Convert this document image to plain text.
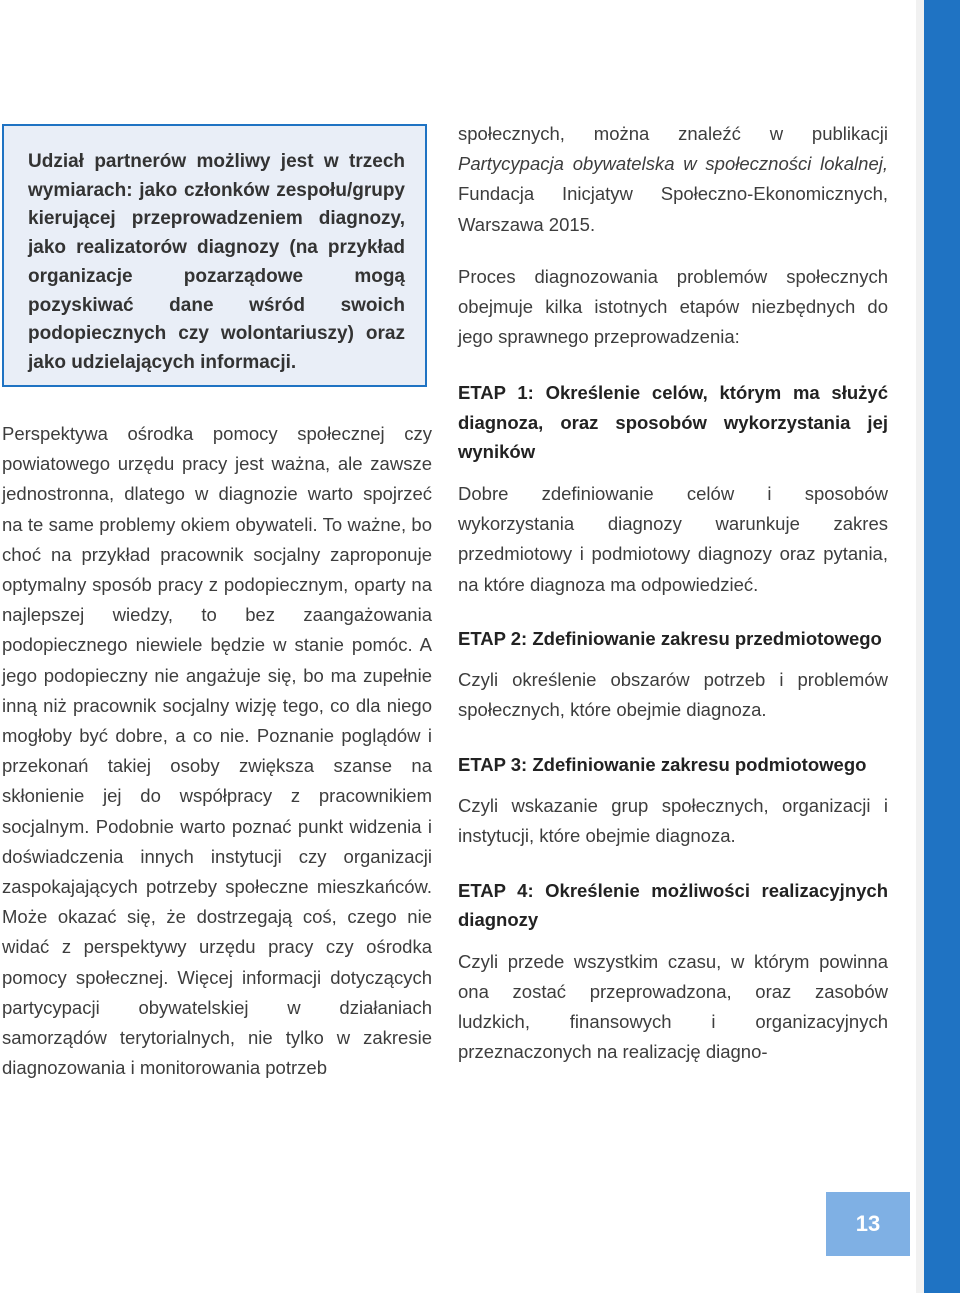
Udział partnerów możliwy jest w trzech wymiarach: jako członków zespołu/grupy kierującej przeprowadzeniem diagnozy, jako realizatorów diagnozy (na przykład organizacje pozarządowe mogą pozyskiwać dane wśród swoich podopiecznych czy wolontariuszy) oraz jako udzielających informacji.

Perspektywa ośrodka pomocy społecznej czy powiatowego urzędu pracy jest ważna, ale zawsze jednostronna, dlatego w diagnozie warto spojrzeć na te same problemy okiem obywateli. To ważne, bo choć na przykład pracownik socjalny zaproponuje optymalny sposób pracy z podopiecznym, oparty na najlepszej wiedzy, to bez zaangażowania podopiecznego niewiele będzie w stanie pomóc. A jego podopieczny nie angażuje się, bo ma zupełnie inną niż pracownik socjalny wizję tego, co dla niego mogłoby być dobre, a co nie. Poznanie poglądów i przekonań takiej osoby zwiększa szanse na skłonienie jej do współpracy z pracownikiem socjalnym. Podobnie warto poznać punkt widzenia i doświadczenia innych instytucji czy organizacji zaspokajających potrzeby społeczne mieszkańców. Może okazać się, że dostrzegają coś, czego nie widać z perspektywy urzędu pracy czy ośrodka pomocy społecznej. Więcej informacji dotyczących partycypacji obywatelskiej w działaniach samorządów terytorialnych, nie tylko w zakresie diagnozowania i monitorowania potrzeb

społecznych, można znaleźć w publikacji Partycypacja obywatelska w społeczności lokalnej, Fundacja Inicjatyw Społeczno-Ekonomicznych, Warszawa 2015.

Proces diagnozowania problemów społecznych obejmuje kilka istotnych etapów niezbędnych do jego sprawnego przeprowadzenia:

ETAP 1: Określenie celów, którym ma służyć diagnoza, oraz sposobów wykorzystania jej wyników

Dobre zdefiniowanie celów i sposobów wykorzystania diagnozy warunkuje zakres przedmiotowy i podmiotowy diagnozy oraz pytania, na które diagnoza ma odpowiedzieć.

ETAP 2: Zdefiniowanie zakresu przedmiotowego

Czyli określenie obszarów potrzeb i problemów społecznych, które obejmie diagnoza.

ETAP 3: Zdefiniowanie zakresu podmiotowego

Czyli wskazanie grup społecznych, organizacji i instytucji, które obejmie diagnoza.

ETAP 4: Określenie możliwości realizacyjnych diagnozy

Czyli przede wszystkim czasu, w którym powinna ona zostać przeprowadzona, oraz zasobów ludzkich, finansowych i organizacyjnych przeznaczonych na realizację diagno-

13
